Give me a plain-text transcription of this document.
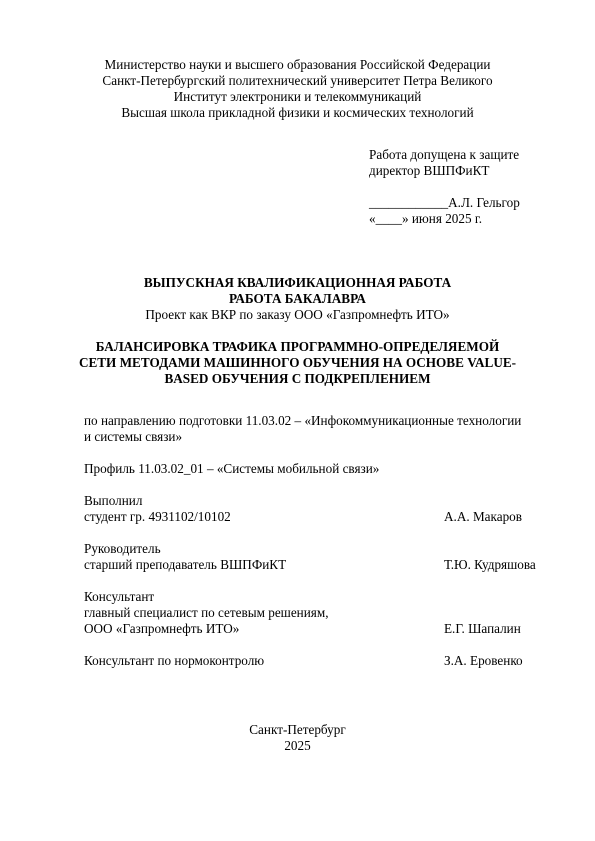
Министерство науки и высшего образования Российской Федерации
Санкт-Петербургский политехнический университет Петра Великого
Институт электроники и телекоммуникаций
Высшая школа прикладной физики и космических технологий
Работа допущена к защите
директор ВШПФиКТ
____________А.Л. Гельгор
«____» июня 2025 г.
ВЫПУСКНАЯ КВАЛИФИКАЦИОННАЯ РАБОТА
РАБОТА БАКАЛАВРА
Проект как ВКР по заказу ООО «Газпромнефть ИТО»
БАЛАНСИРОВКА ТРАФИКА ПРОГРАММНО-ОПРЕДЕЛЯЕМОЙ
СЕТИ МЕТОДАМИ МАШИННОГО ОБУЧЕНИЯ НА ОСНОВЕ VALUE-
BASED ОБУЧЕНИЯ С ПОДКРЕПЛЕНИЕМ
по направлению подготовки 11.03.02 – «Инфокоммуникационные технологии
и системы связи»
Профиль 11.03.02_01 – «Системы мобильной связи»
Выполнил
студент гр. 4931102/10102	А.А. Макаров
Руководитель
старший преподаватель ВШПФиКТ	Т.Ю. Кудряшова
Консультант
главный специалист по сетевым решениям,
ООО «Газпромнефть ИТО»	Е.Г. Шапалин
Консультант по нормоконтролю	З.А. Еровенко
Санкт-Петербург
2025
